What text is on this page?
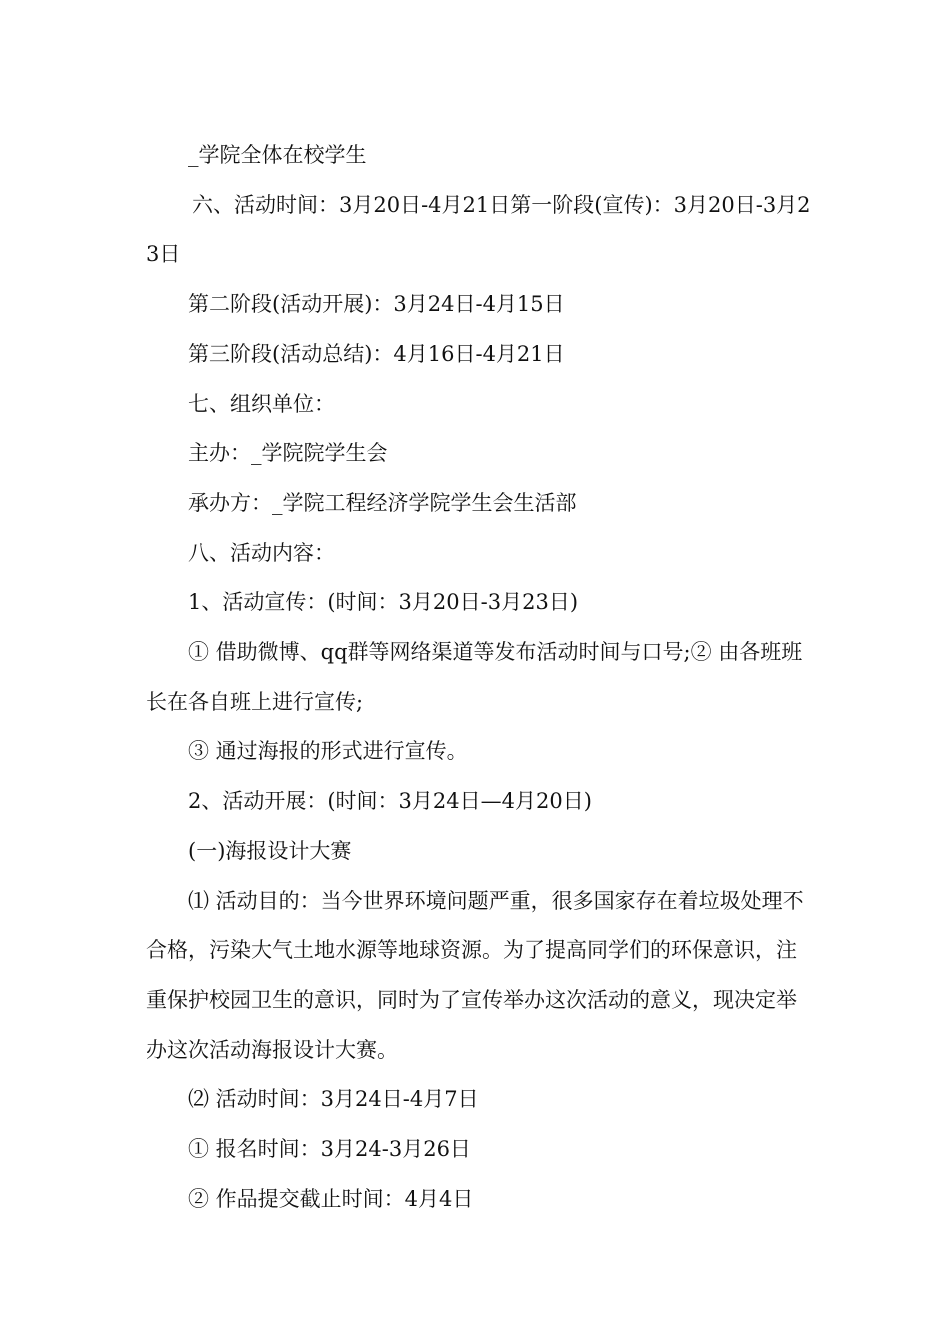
_学院全体在校学生

六、活动时间：3月20日-4月21日第一阶段(宣传)：3月20日-3月23日

第二阶段(活动开展)：3月24日-4月15日

第三阶段(活动总结)：4月16日-4月21日

七、组织单位：

主办：_学院院学生会

承办方：_学院工程经济学院学生会生活部

八、活动内容：

1、活动宣传：(时间：3月20日-3月23日)

① 借助微博、qq群等网络渠道等发布活动时间与口号;② 由各班班长在各自班上进行宣传;

③ 通过海报的形式进行宣传。

2、活动开展：(时间：3月24日—4月20日)

(一)海报设计大赛

⑴ 活动目的：当今世界环境问题严重，很多国家存在着垃圾处理不合格，污染大气土地水源等地球资源。为了提高同学们的环保意识，注重保护校园卫生的意识，同时为了宣传举办这次活动的意义，现决定举办这次活动海报设计大赛。

⑵ 活动时间：3月24日-4月7日

① 报名时间：3月24-3月26日

② 作品提交截止时间：4月4日
